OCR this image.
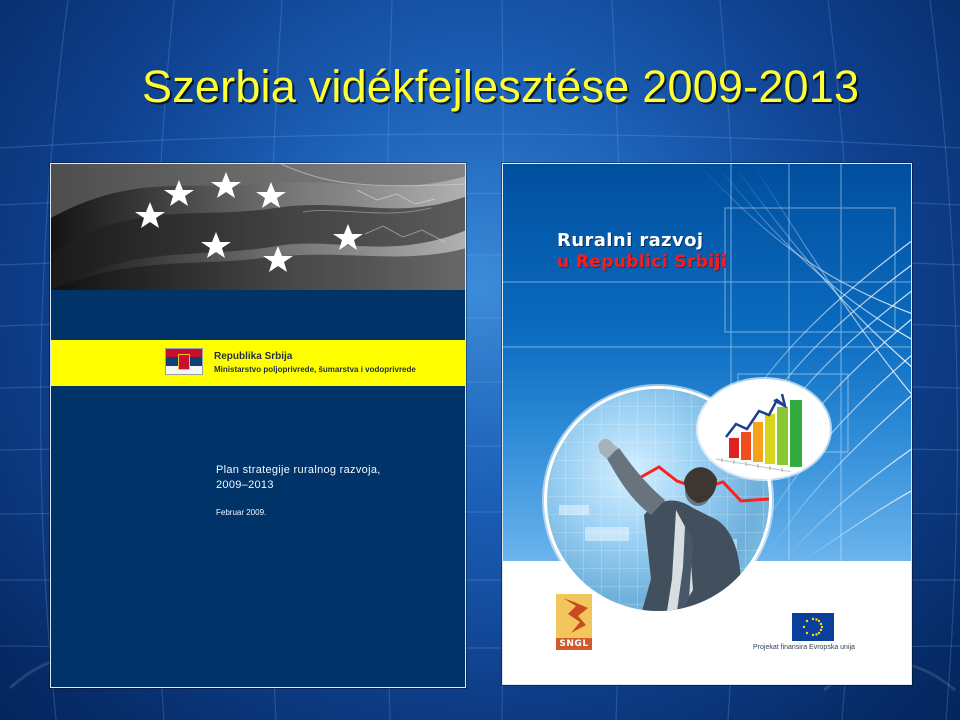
Szerbia vidékfejlesztése 2009-2013
Republika Srbija
Ministarstvo poljoprivrede, šumarstva i vodoprivrede
Plan strategije ruralnog razvoja,
2009–2013
Februar 2009.
Ruralni razvoj
u Republici Srbiji
SNGL	Projekat finansira Evropska unija
